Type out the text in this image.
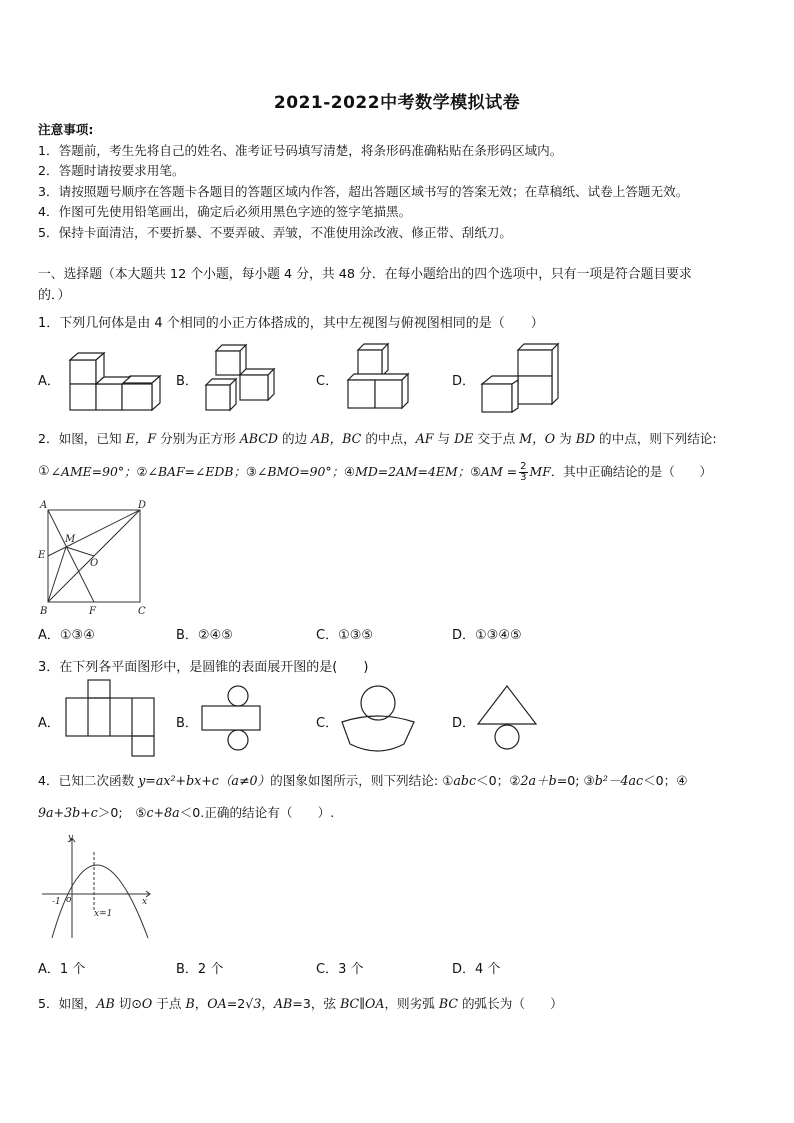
2021-2022中考数学模拟试卷
注意事项:
1．答题前，考生先将自己的姓名、准考证号码填写清楚，将条形码准确粘贴在条形码区域内。
2．答题时请按要求用笔。
3．请按照题号顺序在答题卡各题目的答题区域内作答，超出答题区域书写的答案无效；在草稿纸、试卷上答题无效。
4．作图可先使用铅笔画出，确定后必须用黑色字迹的签字笔描黑。
5．保持卡面清洁，不要折暴、不要弄破、弄皱，不准使用涂改液、修正带、刮纸刀。
一、选择题（本大题共 12 个小题，每小题 4 分，共 48 分．在每小题给出的四个选项中，只有一项是符合题目要求
的．）
1．下列几何体是由 4 个相同的小正方体搭成的，其中左视图与俯视图相同的是（　　）
A．	B．	C．	D．
2．如图，已知 E，F 分别为正方形 ABCD 的边 AB，BC 的中点，AF 与 DE 交于点 M，O 为 BD 的中点，则下列结论:
①∠AME=90°；②∠BAF=∠EDB；③∠BMO=90°；④MD=2AM=4EM；⑤AM = $\frac{2}{3}$ MF．其中正确结论的是（　　）
A	D
M
E
O
B	F	C
A．①③④	B．②④⑤	C．①③⑤	D．①③④⑤
3．在下列各平面图形中，是圆锥的表面展开图的是(　　)
A．	B．	C．	D．
4．已知二次函数 y=ax²+bx+c（a≠0）的图象如图所示，则下列结论: ①abc＜0；②2a＋b=0; ③b²－4ac＜0；④
9a+3b+c＞0;　⑤c+8a＜0.正确的结论有（　　）.
y
x
-1 o
x=1
A．1 个	B．2 个	C．3 个	D．4 个
5．如图，AB 切⊙O 于点 B，OA=2√3，AB=3，弦 BC∥OA，则劣弧 BC 的弧长为（　　）
